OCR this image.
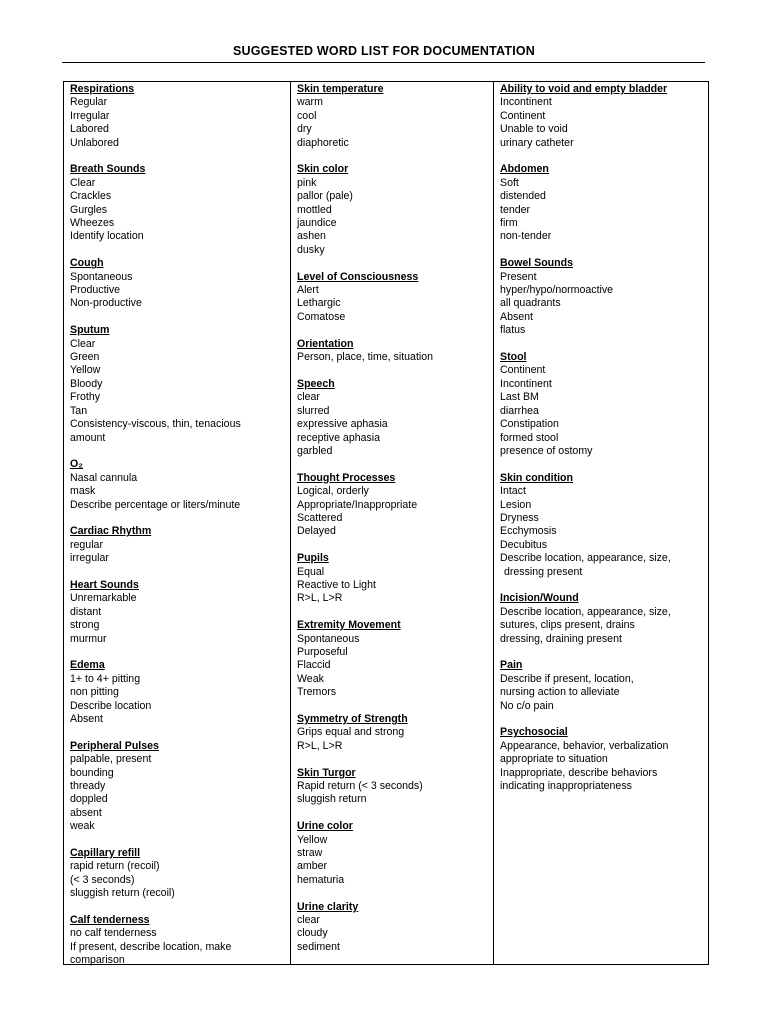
SUGGESTED WORD LIST FOR DOCUMENTATION
Respirations
Regular
Irregular
Labored
Unlabored
Breath Sounds
Clear
Crackles
Gurgles
Wheezes
Identify location
Cough
Spontaneous
Productive
Non-productive
Sputum
Clear
Green
Yellow
Bloody
Frothy
Tan
Consistency-viscous, thin, tenacious
amount
O₂
Nasal cannula
mask
Describe percentage or liters/minute
Cardiac Rhythm
regular
irregular
Heart Sounds
Unremarkable
distant
strong
murmur
Edema
1+ to 4+ pitting
non pitting
Describe location
Absent
Peripheral Pulses
palpable, present
bounding
thready
doppled
absent
weak
Capillary refill
rapid return (recoil)
(< 3 seconds)
sluggish return (recoil)
Calf tenderness
no calf tenderness
If present, describe location, make
comparison
Skin temperature
warm
cool
dry
diaphoretic
Skin color
pink
pallor (pale)
mottled
jaundice
ashen
dusky
Level of Consciousness
Alert
Lethargic
Comatose
Orientation
Person, place, time, situation
Speech
clear
slurred
expressive aphasia
receptive aphasia
garbled
Thought Processes
Logical, orderly
Appropriate/Inappropriate
Scattered
Delayed
Pupils
Equal
Reactive to Light
R>L, L>R
Extremity Movement
Spontaneous
Purposeful
Flaccid
Weak
Tremors
Symmetry of Strength
Grips equal and strong
R>L, L>R
Skin Turgor
Rapid return (< 3 seconds)
sluggish return
Urine color
Yellow
straw
amber
hematuria
Urine clarity
clear
cloudy
sediment
Ability to void and empty bladder
Incontinent
Continent
Unable to void
urinary catheter
Abdomen
Soft
distended
tender
firm
non-tender
Bowel Sounds
Present
hyper/hypo/normoactive
all quadrants
Absent
flatus
Stool
Continent
Incontinent
Last BM
diarrhea
Constipation
formed stool
presence of ostomy
Skin condition
Intact
Lesion
Dryness
Ecchymosis
Decubitus
Describe location, appearance, size,
dressing present
Incision/Wound
Describe location, appearance, size,
sutures, clips present, drains
dressing, draining present
Pain
Describe if present, location,
nursing action to alleviate
No c/o pain
Psychosocial
Appearance, behavior, verbalization
appropriate to situation
Inappropriate, describe behaviors
indicating inappropriateness
